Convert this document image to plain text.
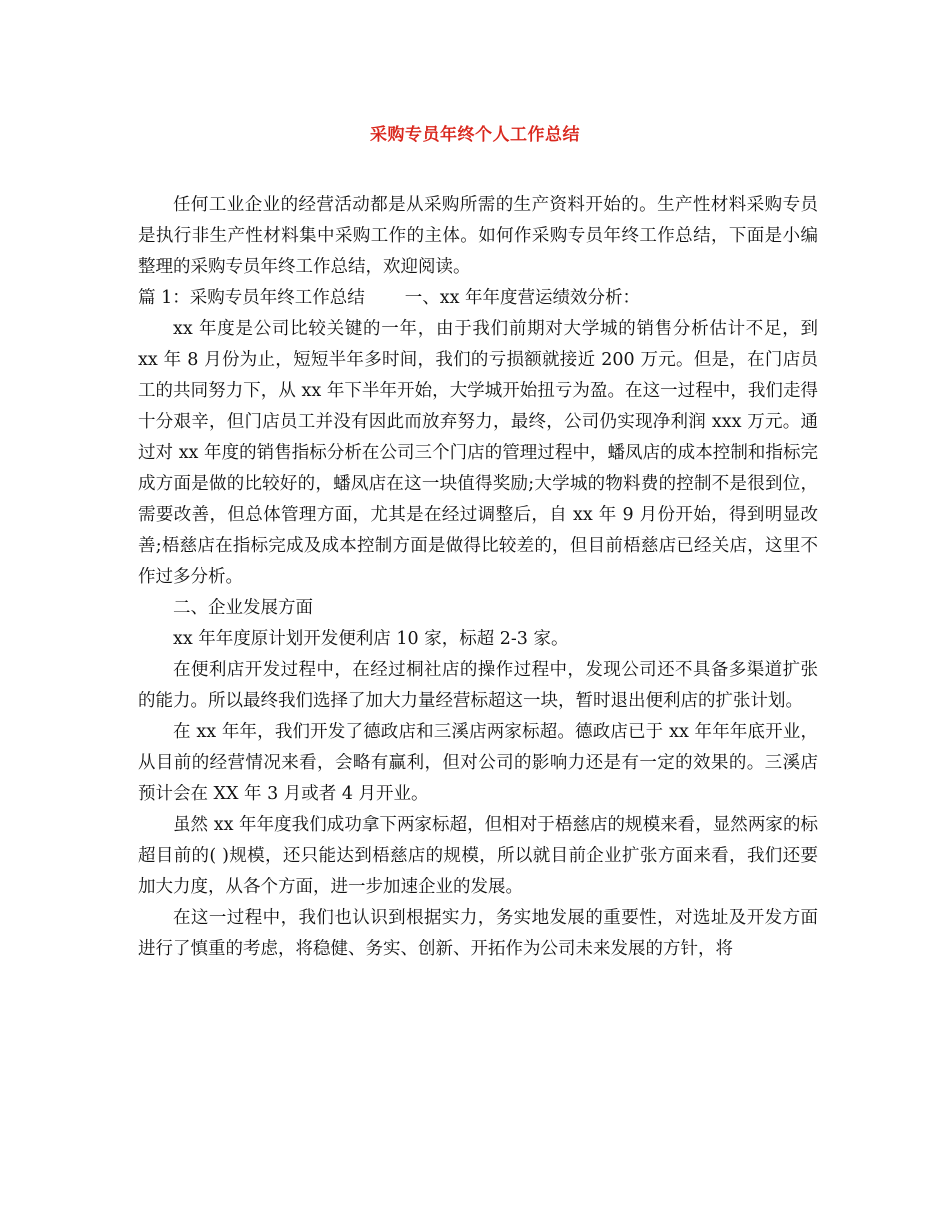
采购专员年终个人工作总结

任何工业企业的经营活动都是从采购所需的生产资料开始的。生产性材料采购专员是执行非生产性材料集中采购工作的主体。如何作采购专员年终工作总结，下面是小编整理的采购专员年终工作总结，欢迎阅读。

篇 1：采购专员年终工作总结 一、xx 年年度营运绩效分析：

xx 年度是公司比较关键的一年，由于我们前期对大学城的销售分析估计不足，到 xx 年 8 月份为止，短短半年多时间，我们的亏损额就接近 200 万元。但是，在门店员工的共同努力下，从 xx 年下半年开始，大学城开始扭亏为盈。在这一过程中，我们走得十分艰辛，但门店员工并没有因此而放弃努力，最终，公司仍实现净利润 xxx 万元。通过对 xx 年度的销售指标分析在公司三个门店的管理过程中，蟠凤店的成本控制和指标完成方面是做的比较好的，蟠凤店在这一块值得奖励;大学城的物料费的控制不是很到位，需要改善，但总体管理方面，尤其是在经过调整后，自 xx 年 9 月份开始，得到明显改善;梧慈店在指标完成及成本控制方面是做得比较差的，但目前梧慈店已经关店，这里不作过多分析。

二、企业发展方面

xx 年年度原计划开发便利店 10 家，标超 2-3 家。

在便利店开发过程中，在经过桐社店的操作过程中，发现公司还不具备多渠道扩张的能力。所以最终我们选择了加大力量经营标超这一块，暂时退出便利店的扩张计划。

在 xx 年年，我们开发了德政店和三溪店两家标超。德政店已于 xx 年年年底开业，从目前的经营情况来看，会略有赢利，但对公司的影响力还是有一定的效果的。三溪店预计会在 XX 年 3 月或者 4 月开业。

虽然 xx 年年度我们成功拿下两家标超，但相对于梧慈店的规模来看，显然两家的标超目前的( )规模，还只能达到梧慈店的规模，所以就目前企业扩张方面来看，我们还要加大力度，从各个方面，进一步加速企业的发展。

在这一过程中，我们也认识到根据实力，务实地发展的重要性，对选址及开发方面进行了慎重的考虑，将稳健、务实、创新、开拓作为公司未来发展的方针，将
